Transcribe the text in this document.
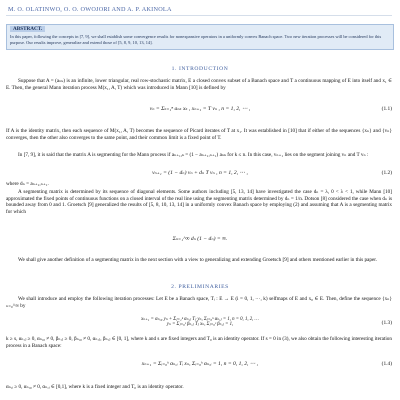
M. O. OLATINWO, O. O. OWOJORI AND A. P. AKINOLA
ABSTRACT.
In this paper, following the concepts in [7, 9], we shall establish some convergence results for nonexpansive operators in a uniformly convex Banach space. Two new iteration processes will be considered for this purpose. Our results improve, generalize and extend those of [5, 8, 9, 10, 13, 14].
1. INTRODUCTION
Suppose that A = (aₙₖ) is an infinite, lower triangular, real row-stochastic matrix, E a closed convex subset of a Banach space and T a continuous mapping of E into itself and x₁ ∈ E. Then, the general Mann iteration process M(x₁, A, T) which was introduced in Mann [10] is defined by
vₙ = Σₖ₌₁ⁿ aₙₖ xₖ , xₙ₊₁ = T vₙ , n = 1, 2, ⋯ ,	(1.1)
If A is the identity matrix, then each sequence of M(x₁, A, T) becomes the sequence of Picard iterates of T at x₁. It was established in [10] that if either of the sequences {xₙ} and {vₙ} converges, then the other also converges to the same point, and their common limit is a fixed point of T.
In [7, 9], it is said that the matrix A is segmenting for the Mann process if aₙ₊₁,ₖ = (1 − aₙ₊₁,ₙ₊₁) aₙₖ for k ≤ n. In this case, vₙ₊₁ lies on the segment joining vₙ and T vₙ :
vₙ₊₁ = (1 − dₙ) vₙ + dₙ T vₙ , n = 1, 2, ⋯ ,	(1.2)
where dₙ = aₙ₊₁,ₙ₊₁.
A segmenting matrix is determined by its sequence of diagonal elements. Some authors including [5, 13, 14] have investigated the case dₙ = λ, 0 < λ < 1, while Mann [10] approximated the fixed points of continuous functions on a closed interval of the real line using the segmenting matrix determined by dₙ = 1/n. Dotson [8] considered the case when dₙ is bounded away from 0 and 1. Groetsch [9] generalized the results of [5, 8, 10, 13, 14] in a uniformly convex Banach space by employing (2) and assuming that A is a segmenting matrix for which
Σₙ₌₁^∞ dₙ (1 − dₙ) = ∞.
We shall give another definition of a segmenting matrix in the next section with a view to generalizing and extending Groetsch [9] and others mentioned earlier in this paper.
2. PRELIMINARIES
We shall introduce and employ the following iteration processes: Let E be a Banach space, Tᵢ : E → E (i = 0, 1, ⋯, k) selfmaps of E and x₀ ∈ E. Then, define the sequence {xₙ}ₙ₌₀^∞ by
xₙ₊₁ = αₙ,₀ yₙ + Σⱼ₌₁ᵏ αₙ,ⱼ Tⱼ yₙ, Σⱼ₌₀ᵏ αₙ,ⱼ = 1, n = 0, 1, 2, …
yₙ = Σⱼ₌₀ˢ βₙ,ⱼ Tⱼ xₙ, Σⱼ₌₀ˢ βₙ,ⱼ = 1,	(1.3)
k ≥ s, αₙ,ⱼ ≥ 0, αₙ,₀ ≠ 0, βₙ,ⱼ ≥ 0, βₙ,₀ ≠ 0, αₙ,ⱼ, βₙ,ⱼ ∈ [0, 1], where k and s are fixed integers and T₀ is an identity operator. If s = 0 in (3), we also obtain the following interesting iteration process in a Banach space:
xₙ₊₁ = Σᵢ₌₀ᵏ αₙ,ᵢ Tᵢ xₙ, Σᵢ₌₀ᵏ αₙ,ᵢ = 1, n = 0, 1, 2, ⋯ ,	(1.4)
αₙ,ᵢ ≥ 0, αₙ,₀ ≠ 0, αₙ,ᵢ ∈ [0,1], where k is a fixed integer and T₀ is an identity operator.
